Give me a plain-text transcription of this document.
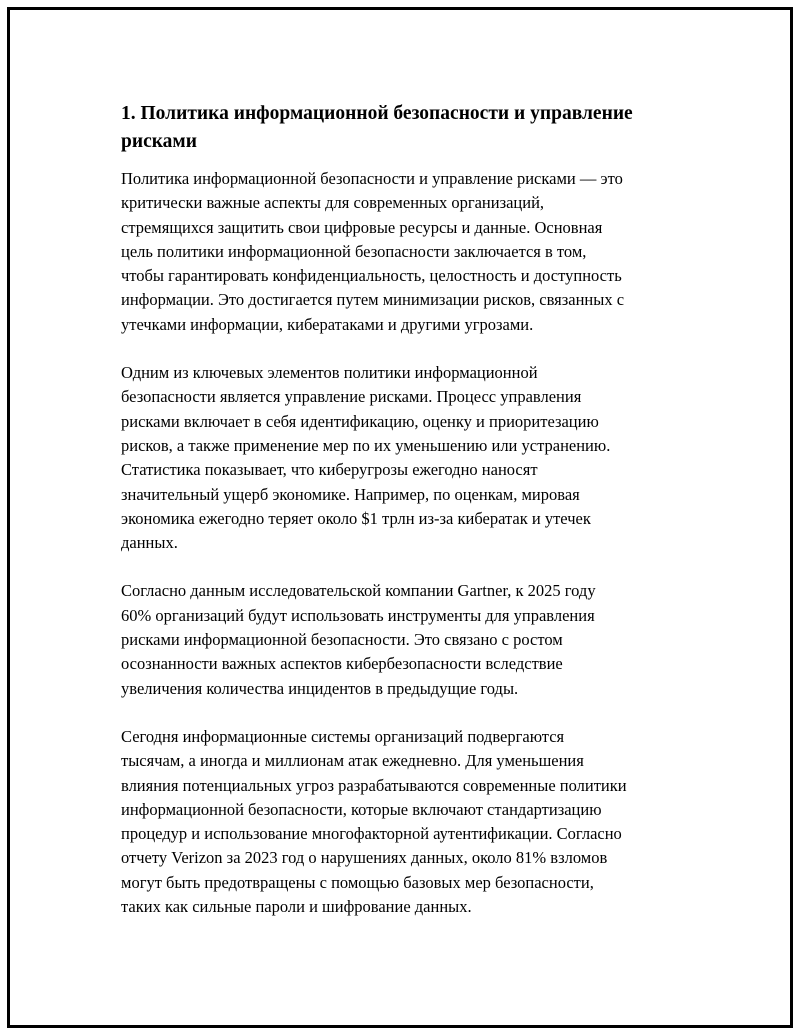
1. Политика информационной безопасности и управление
рисками

Политика информационной безопасности и управление рисками — это
критически важные аспекты для современных организаций,
стремящихся защитить свои цифровые ресурсы и данные. Основная
цель политики информационной безопасности заключается в том,
чтобы гарантировать конфиденциальность, целостность и доступность
информации. Это достигается путем минимизации рисков, связанных с
утечками информации, кибератаками и другими угрозами.

Одним из ключевых элементов политики информационной
безопасности является управление рисками. Процесс управления
рисками включает в себя идентификацию, оценку и приоритезацию
рисков, а также применение мер по их уменьшению или устранению.
Статистика показывает, что киберугрозы ежегодно наносят
значительный ущерб экономике. Например, по оценкам, мировая
экономика ежегодно теряет около $1 трлн из-за кибератак и утечек
данных.

Согласно данным исследовательской компании Gartner, к 2025 году
60% организаций будут использовать инструменты для управления
рисками информационной безопасности. Это связано с ростом
осознанности важных аспектов кибербезопасности вследствие
увеличения количества инцидентов в предыдущие годы.

Сегодня информационные системы организаций подвергаются
тысячам, а иногда и миллионам атак ежедневно. Для уменьшения
влияния потенциальных угроз разрабатываются современные политики
информационной безопасности, которые включают стандартизацию
процедур и использование многофакторной аутентификации. Согласно
отчету Verizon за 2023 год о нарушениях данных, около 81% взломов
могут быть предотвращены с помощью базовых мер безопасности,
таких как сильные пароли и шифрование данных.
